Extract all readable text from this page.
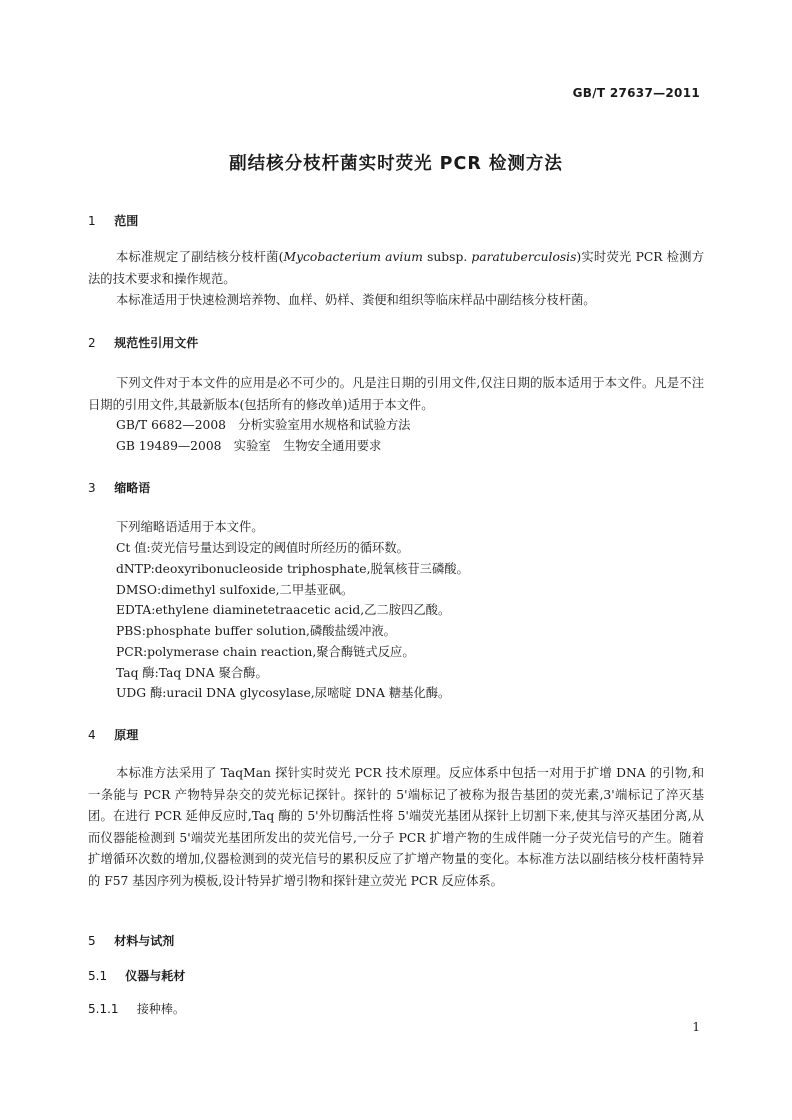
GB/T 27637—2011
副结核分枝杆菌实时荧光 PCR 检测方法
1 范围
本标准规定了副结核分枝杆菌(Mycobacterium avium subsp. paratuberculosis)实时荧光 PCR 检测方法的技术要求和操作规范。
本标准适用于快速检测培养物、血样、奶样、粪便和组织等临床样品中副结核分枝杆菌。
2 规范性引用文件
下列文件对于本文件的应用是必不可少的。凡是注日期的引用文件,仅注日期的版本适用于本文件。凡是不注日期的引用文件,其最新版本(包括所有的修改单)适用于本文件。
GB/T 6682—2008　分析实验室用水规格和试验方法
GB 19489—2008　实验室　生物安全通用要求
3 缩略语
下列缩略语适用于本文件。
Ct 值:荧光信号量达到设定的阈值时所经历的循环数。
dNTP:deoxyribonucleoside triphosphate,脱氧核苷三磷酸。
DMSO:dimethyl sulfoxide,二甲基亚砜。
EDTA:ethylene diaminetetraacetic acid,乙二胺四乙酸。
PBS:phosphate buffer solution,磷酸盐缓冲液。
PCR:polymerase chain reaction,聚合酶链式反应。
Taq 酶:Taq DNA 聚合酶。
UDG 酶:uracil DNA glycosylase,尿嘧啶 DNA 糖基化酶。
4 原理
本标准方法采用了 TaqMan 探针实时荧光 PCR 技术原理。反应体系中包括一对用于扩增 DNA 的引物,和一条能与 PCR 产物特异杂交的荧光标记探针。探针的 5'端标记了被称为报告基团的荧光素,3'端标记了淬灭基团。在进行 PCR 延伸反应时,Taq 酶的 5'外切酶活性将 5'端荧光基团从探针上切割下来,使其与淬灭基团分离,从而仪器能检测到 5'端荧光基团所发出的荧光信号,一分子 PCR 扩增产物的生成伴随一分子荧光信号的产生。随着扩增循环次数的增加,仪器检测到的荧光信号的累积反应了扩增产物量的变化。本标准方法以副结核分枝杆菌特异的 F57 基因序列为模板,设计特异扩增引物和探针建立荧光 PCR 反应体系。
5 材料与试剂
5.1 仪器与耗材
5.1.1 接种棒。
1
